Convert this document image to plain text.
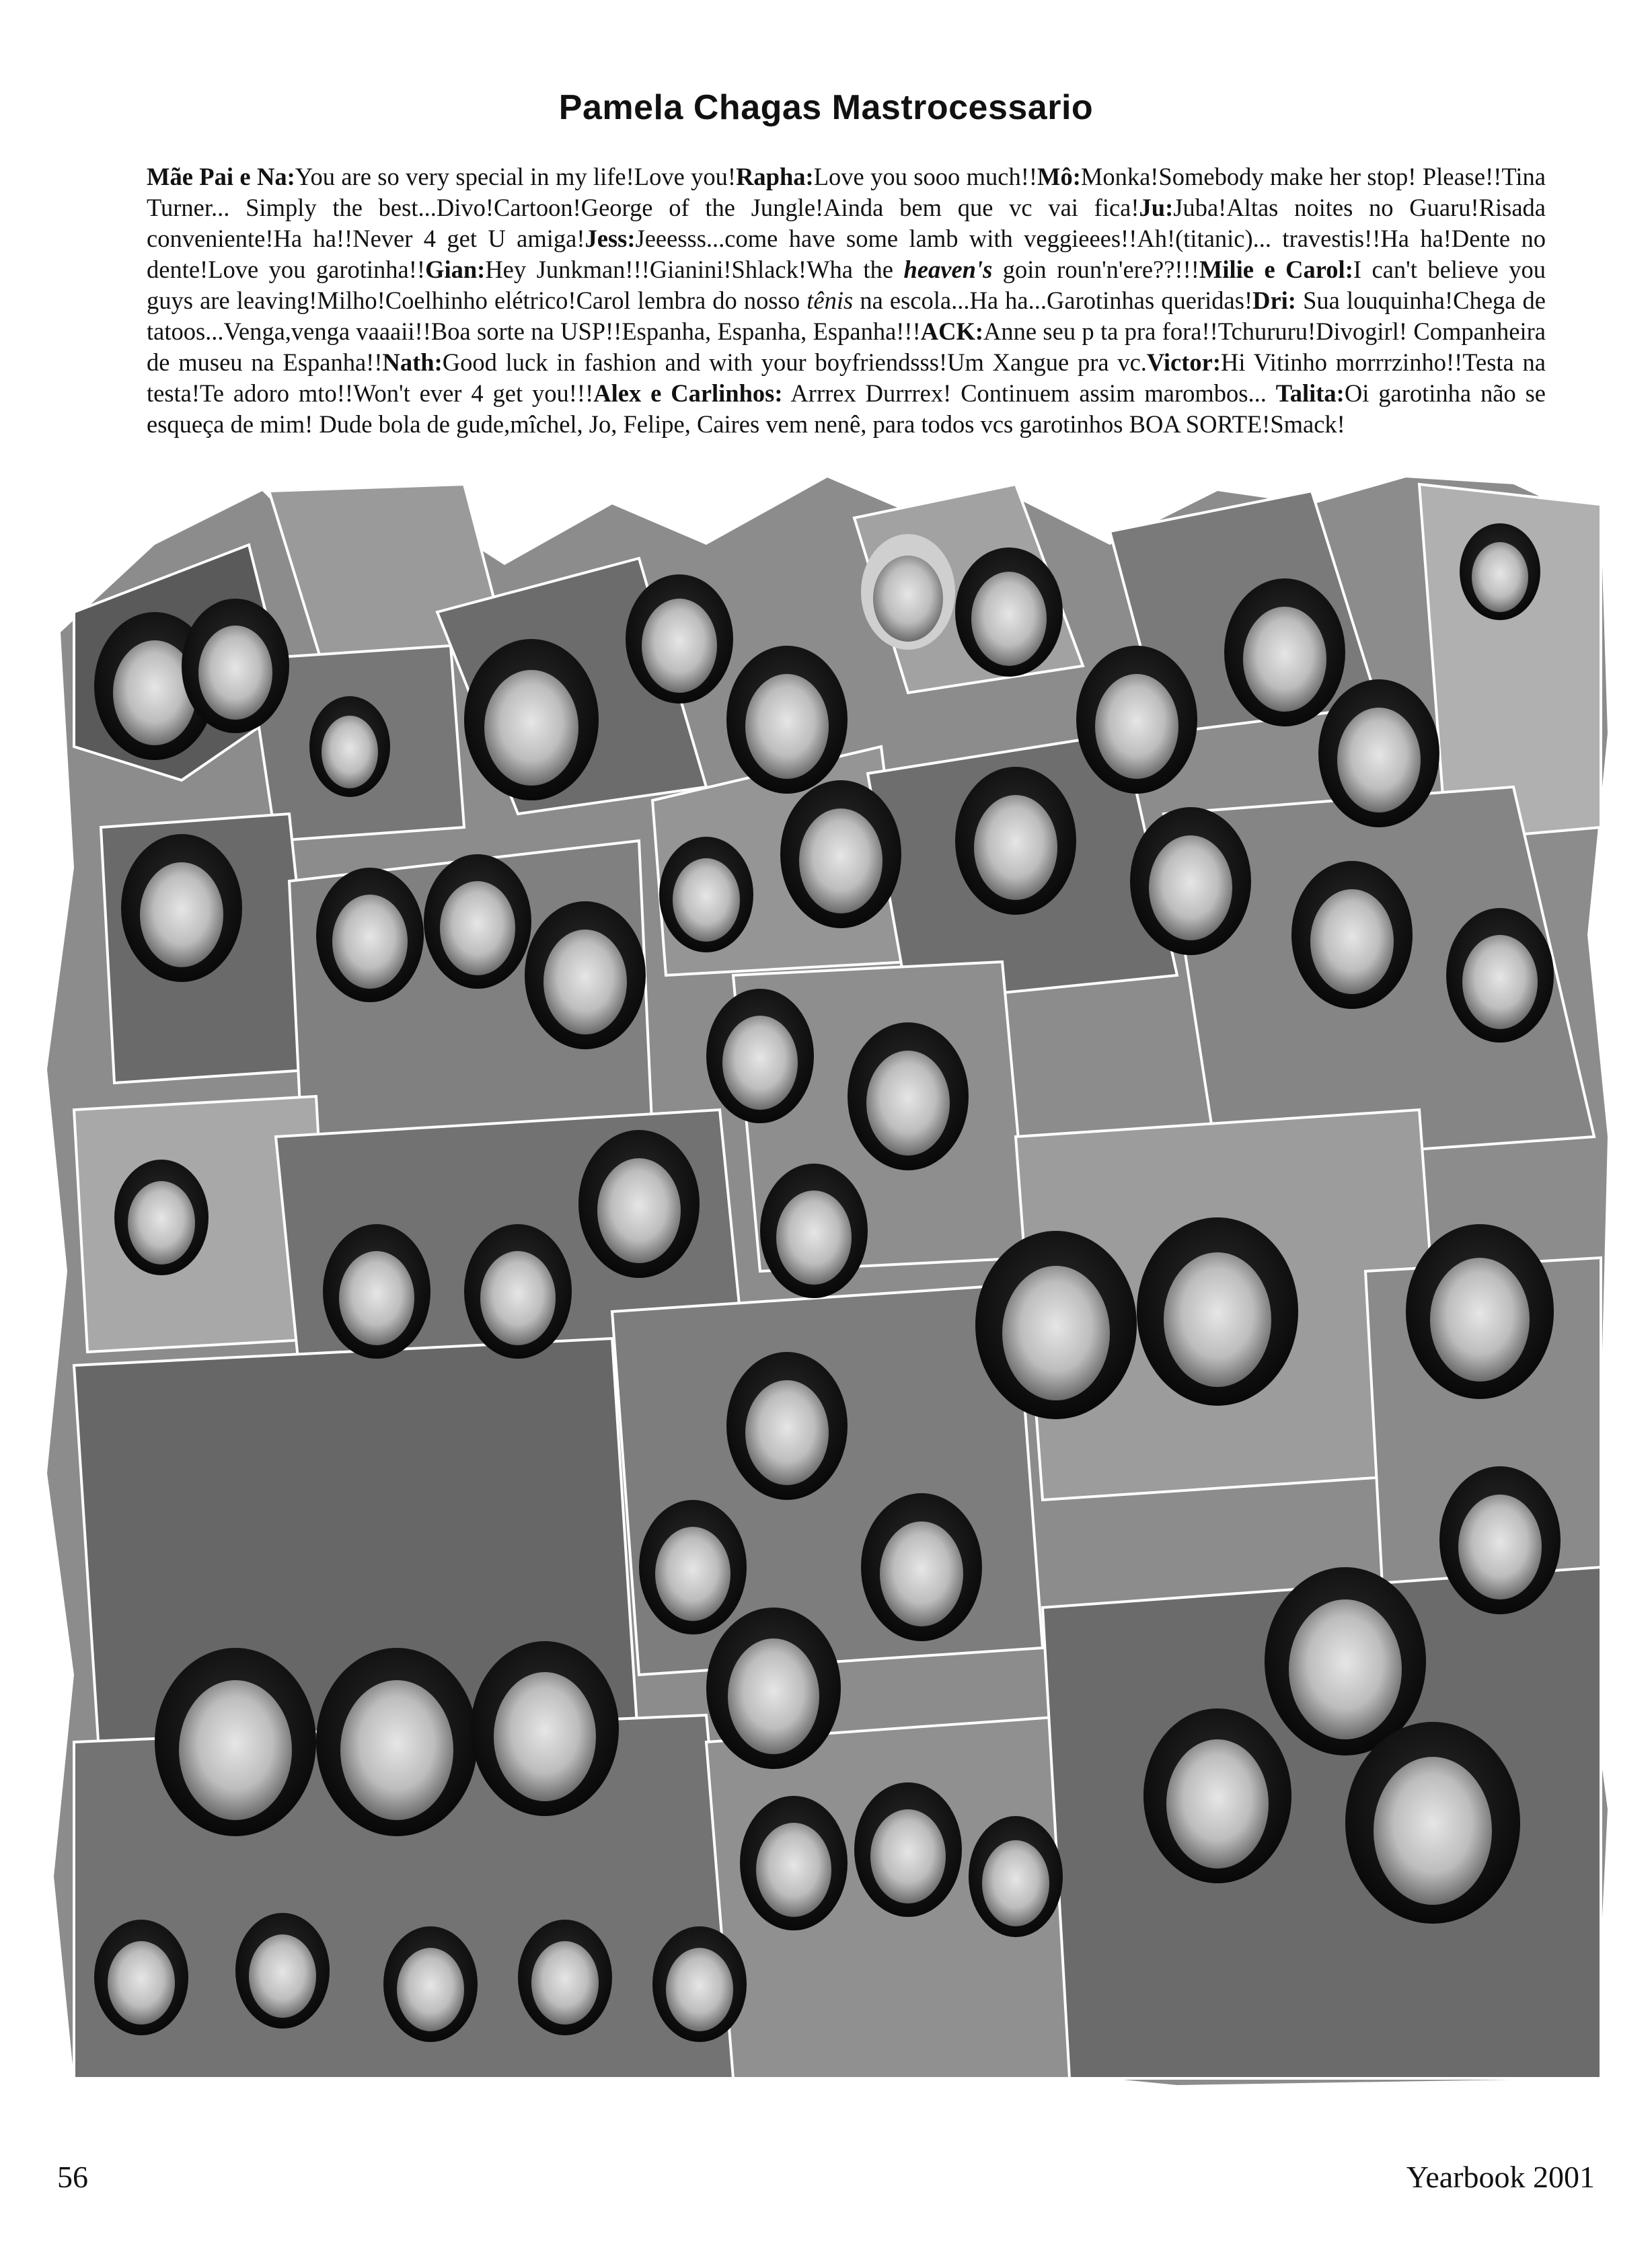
Pamela Chagas Mastrocessario
Mãe Pai e Na:You are so very special in my life!Love you!Rapha:Love you sooo much!!Mô:Monka!Somebody make her stop! Please!!Tina Turner... Simply the best...Divo!Cartoon!George of the Jungle!Ainda bem que vc vai fica!Ju:Juba!Altas noites no Guaru!Risada conveniente!Ha ha!!Never 4 get U amiga!Jess:Jeeesss...come have some lamb with veggieees!!Ah!(titanic)... travestis!!Ha ha!Dente no dente!Love you garotinha!!Gian:Hey Junkman!!!Gianini!Shlack!Wha the heaven's goin roun'n'ere??!!!Milie e Carol:I can't believe you guys are leaving!Milho!Coelhinho elétrico!Carol lembra do nosso tênis na escola...Ha ha...Garotinhas queridas!Dri: Sua louquinha!Chega de tatoos...Venga,venga vaaaii!!Boa sorte na USP!!Espanha, Espanha, Espanha!!!ACK:Anne seu p ta pra fora!!Tchururu!Divogirl! Companheira de museu na Espanha!!Nath:Good luck in fashion and with your boyfriendsss!Um Xangue pra vc.Victor:Hi Vitinho morrrzinho!!Testa na testa!Te adoro mto!!Won't ever 4 get you!!!Alex e Carlinhos: Arrrex Durrrex! Continuem assim marombos... Talita:Oi garotinha não se esqueça de mim! Dude bola de gude,mîchel, Jo, Felipe, Caires vem nenê, para todos vcs garotinhos BOA SORTE!Smack!
56	Yearbook 2001
